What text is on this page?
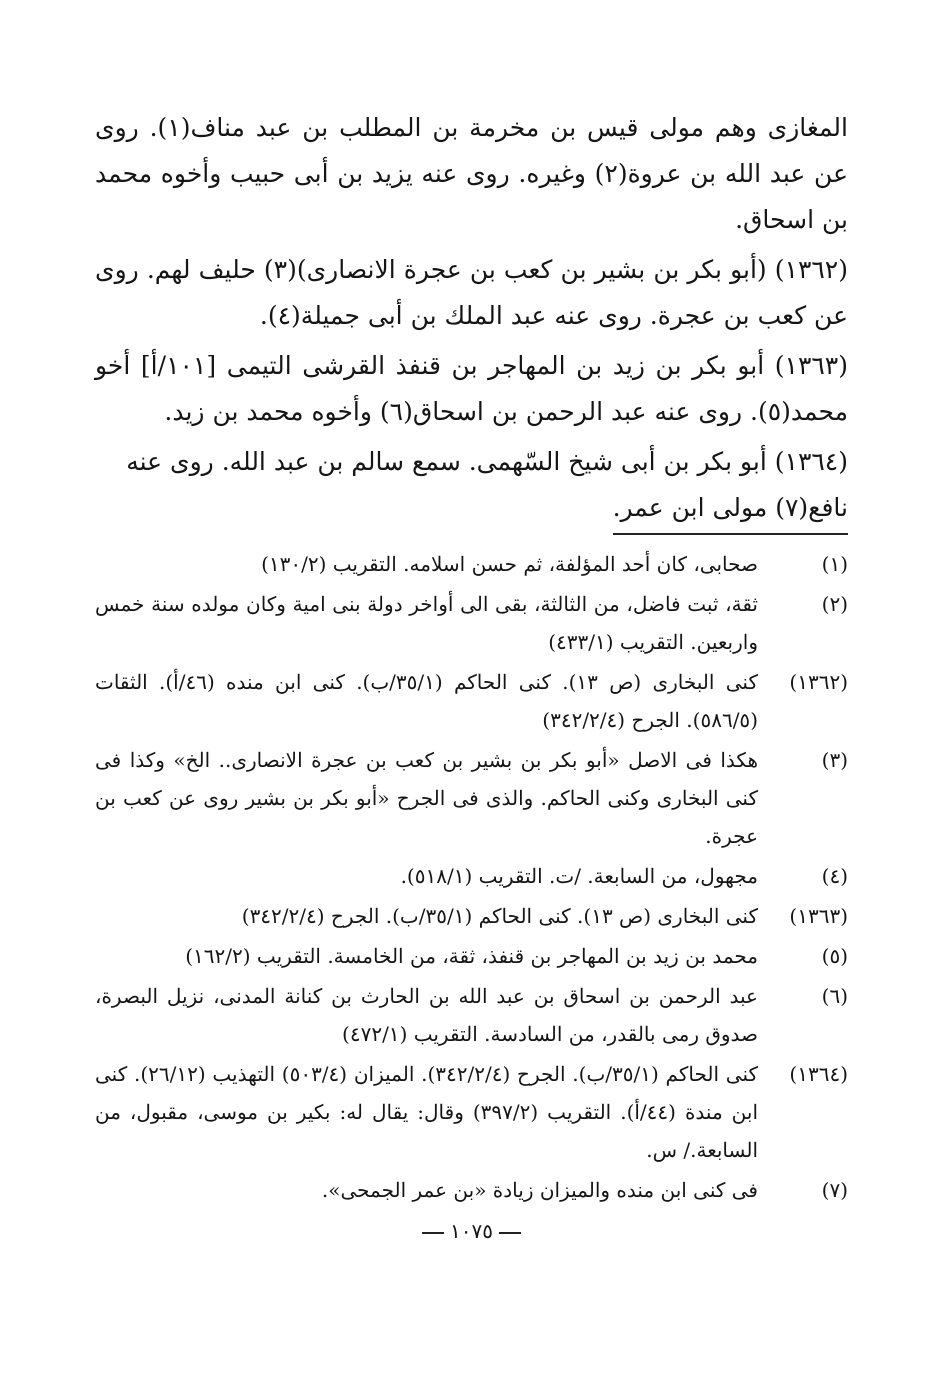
المغازى وهم مولى قيس بن مخرمة بن المطلب بن عبد مناف(١). روى عن عبد الله بن عروة(٢) وغيره. روى عنه يزيد بن أبى حبيب وأخوه محمد بن اسحاق.

(١٣٦٢) (أبو بكر بن بشير بن كعب بن عجرة الانصارى)(٣) حليف لهم. روى عن كعب بن عجرة. روى عنه عبد الملك بن أبى جميلة(٤).

(١٣٦٣) أبو بكر بن زيد بن المهاجر بن قنفذ القرشى التيمى [١٠١/أ] أخو محمد(٥). روى عنه عبد الرحمن بن اسحاق(٦) وأخوه محمد بن زيد.

(١٣٦٤) أبو بكر بن أبى شيخ السّهمى. سمع سالم بن عبد الله. روى عنه
نافع(٧) مولى ابن عمر.

(١)
صحابى، كان أحد المؤلفة، ثم حسن اسلامه. التقريب (١٣٠/٢)
(٢)
ثقة، ثبت فاضل، من الثالثة، بقى الى أواخر دولة بنى امية وكان مولده سنة خمس واربعين. التقريب (٤٣٣/١)
(١٣٦٢)
كنى البخارى (ص ١٣). كنى الحاكم (٣٥/١/ب). كنى ابن منده (٤٦/أ). الثقات (٥٨٦/٥). الجرح (٣٤٢/٢/٤)
(٣)
هكذا فى الاصل «أبو بكر بن بشير بن كعب بن عجرة الانصارى.. الخ» وكذا فى كنى البخارى وكنى الحاكم. والذى فى الجرح «أبو بكر بن بشير روى عن كعب بن عجرة.
(٤)
مجهول، من السابعة. /ت. التقريب (٥١٨/١).
(١٣٦٣)
كنى البخارى (ص ١٣). كنى الحاكم (٣٥/١/ب). الجرح (٣٤٢/٢/٤)
(٥)
محمد بن زيد بن المهاجر بن قنفذ، ثقة، من الخامسة. التقريب (١٦٢/٢)
(٦)
عبد الرحمن بن اسحاق بن عبد الله بن الحارث بن كنانة المدنى، نزيل البصرة، صدوق رمى بالقدر، من السادسة. التقريب (٤٧٢/١)
(١٣٦٤)
كنى الحاكم (٣٥/١/ب). الجرح (٣٤٢/٢/٤). الميزان (٥٠٣/٤) التهذيب (٢٦/١٢). كنى ابن مندة (٤٤/أ). التقريب (٣٩٧/٢) وقال: يقال له: بكير بن موسى، مقبول، من السابعة./ س.
(٧)
فى كنى ابن منده والميزان زيادة «بن عمر الجمحى».
١٠٧٥
